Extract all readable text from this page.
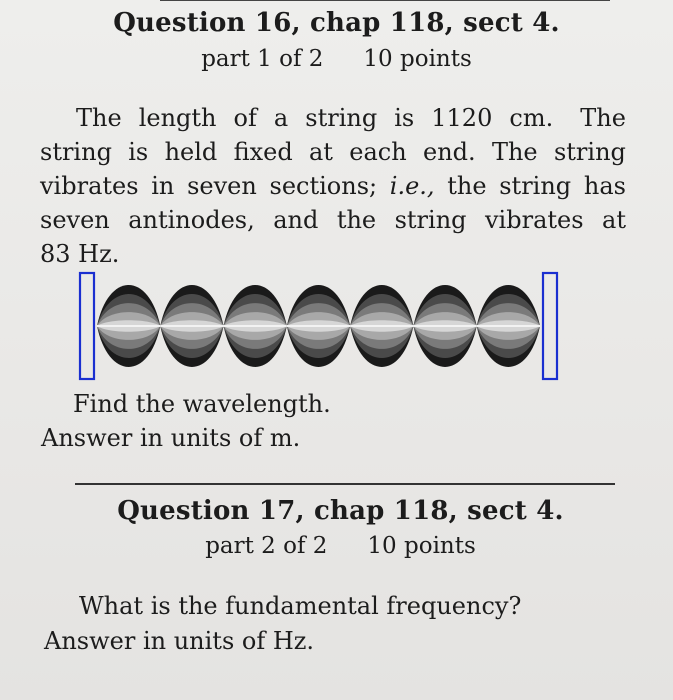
Question 16, chap 118, sect 4.
part 1 of 2 10 points
The length of a string is 1120 cm. The
string is held fixed at each end. The string
vibrates in seven sections; i.e., the string has
seven antinodes, and the string vibrates at
83 Hz.
Find the wavelength.
Answer in units of m.
Question 17, chap 118, sect 4.
part 2 of 2 10 points
What is the fundamental frequency?
Answer in units of Hz.
